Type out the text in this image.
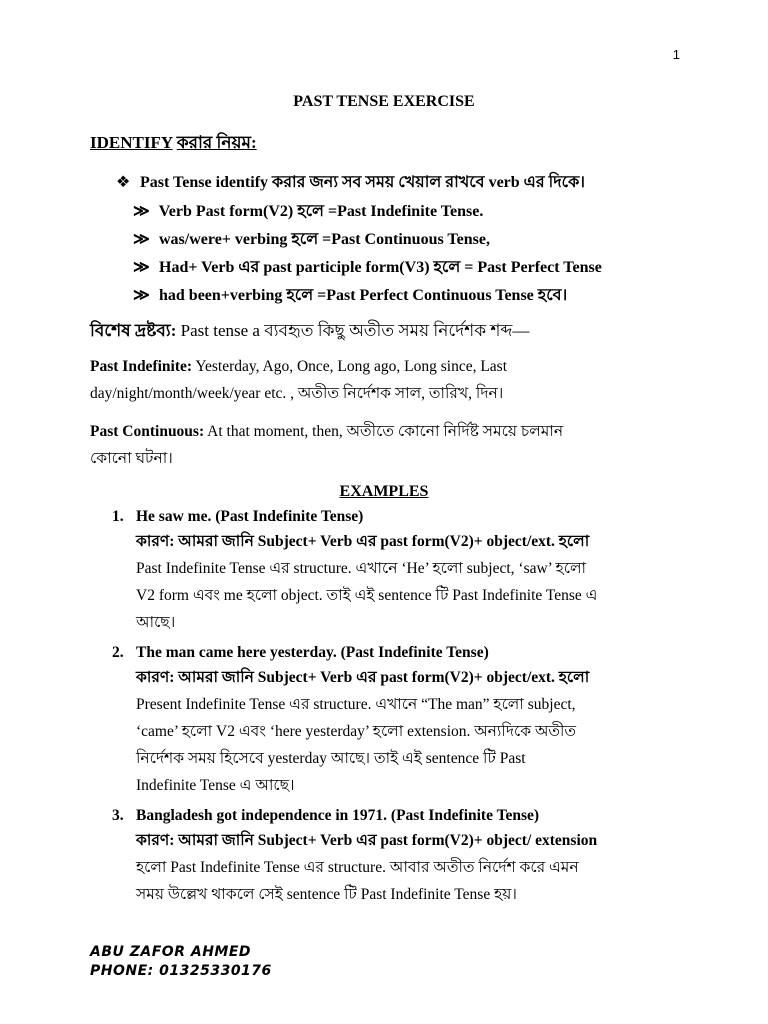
1
PAST TENSE EXERCISE
IDENTIFY করার নিয়ম:
❖ Past Tense identify করার জন্য সব সময় খেয়াল রাখবে verb এর দিকে।
≫ Verb Past form(V2) হলে =Past Indefinite Tense.
≫ was/were+ verbing হলে =Past Continuous Tense,
≫ Had+ Verb এর past participle form(V3) হলে = Past Perfect Tense
≫ had been+verbing হলে =Past Perfect Continuous Tense হবে।
বিশেষ দ্রষ্টব্য: Past tense a ব্যবহৃত কিছু অতীত সময় নির্দেশক শব্দ—
Past Indefinite: Yesterday, Ago, Once, Long ago, Long since, Last
day/night/month/week/year etc. , অতীত নির্দেশক সাল, তারিখ, দিন।
Past Continuous: At that moment, then, অতীতে কোনো নির্দিষ্ট সময়ে চলমান
কোনো ঘটনা।
EXAMPLES
1. He saw me. (Past Indefinite Tense)
কারণ: আমরা জানি Subject+ Verb এর past form(V2)+ object/ext. হলো
Past Indefinite Tense এর structure. এখানে ‘He’ হলো subject, ‘saw’ হলো
V2 form এবং me হলো object. তাই এই sentence টি Past Indefinite Tense এ
আছে।
2. The man came here yesterday. (Past Indefinite Tense)
কারণ: আমরা জানি Subject+ Verb এর past form(V2)+ object/ext. হলো
Present Indefinite Tense এর structure. এখানে “The man” হলো subject,
‘came’ হলো V2 এবং ‘here yesterday’ হলো extension. অন্যদিকে অতীত
নির্দেশক সময় হিসেবে yesterday আছে। তাই এই sentence টি Past
Indefinite Tense এ আছে।
3. Bangladesh got independence in 1971. (Past Indefinite Tense)
কারণ: আমরা জানি Subject+ Verb এর past form(V2)+ object/ extension
হলো Past Indefinite Tense এর structure. আবার অতীত নির্দেশ করে এমন
সময় উল্লেখ থাকলে সেই sentence টি Past Indefinite Tense হয়।
ABU ZAFOR AHMED
PHONE: 01325330176
